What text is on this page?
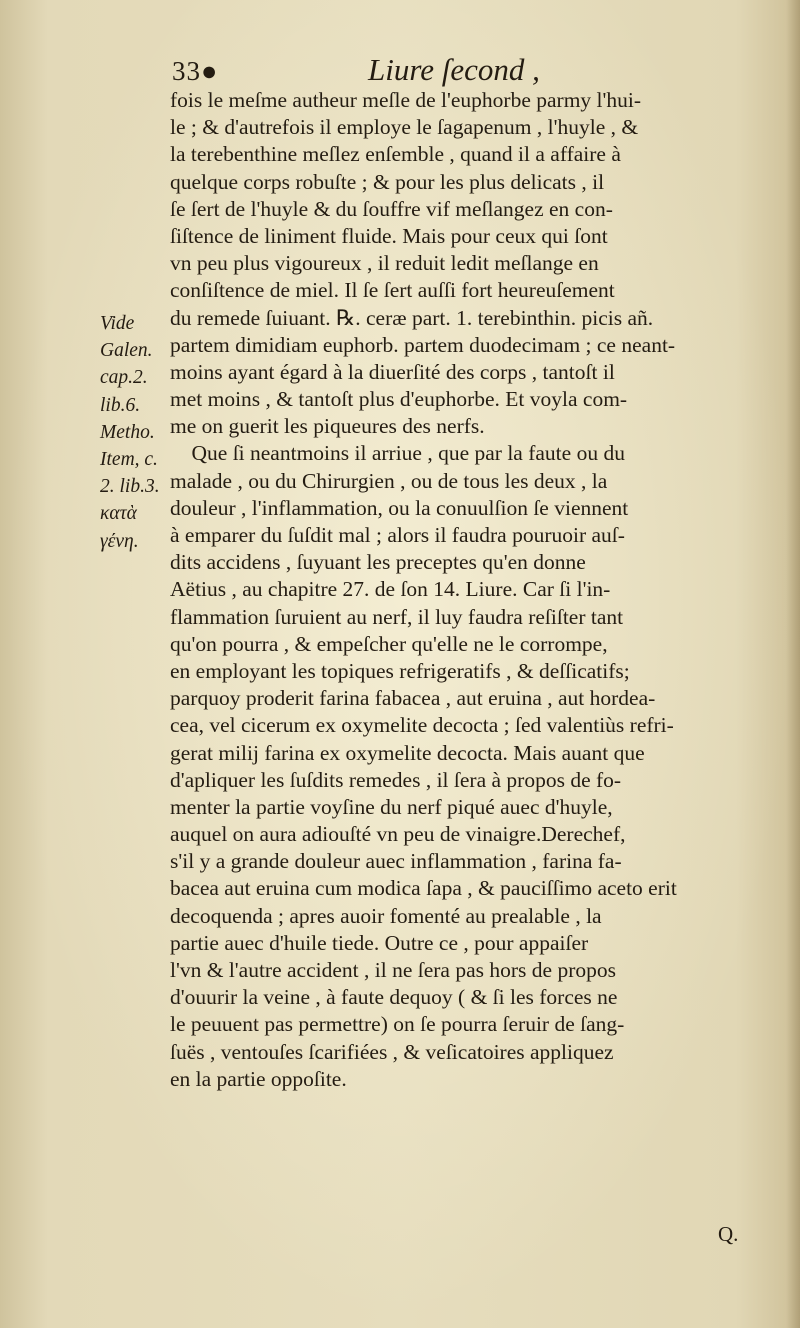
33●	Liure ſecond ,
Vide
Galen.
cap.2.
lib.6.
Metho.
Item, c.
2. lib.3.
κατὰ
γένη.
fois le meſme autheur meſle de l'euphorbe parmy l'hui-
le ; & d'autrefois il employe le ſagapenum , l'huyle , &
la terebenthine meſlez enſemble , quand il a affaire à
quelque corps robuſte ; & pour les plus delicats , il
ſe ſert de l'huyle & du ſouffre vif meſlangez en con-
ſiſtence de liniment fluide. Mais pour ceux qui ſont
vn peu plus vigoureux , il reduit ledit meſlange en
conſiſtence de miel. Il ſe ſert auſſi fort heureuſement
du remede ſuiuant. ℞. ceræ part. 1. terebinthin. picis añ.
partem dimidiam euphorb. partem duodecimam ; ce neant-
moins ayant égard à la diuerſité des corps , tantoſt il
met moins , & tantoſt plus d'euphorbe. Et voyla com-
me on guerit les piqueures des nerfs.
Que ſi neantmoins il arriue , que par la faute ou du
malade , ou du Chirurgien , ou de tous les deux , la
douleur , l'inflammation, ou la conuulſion ſe viennent
à emparer du ſuſdit mal ; alors il faudra pouruoir auſ-
dits accidens , ſuyuant les preceptes qu'en donne
Aëtius , au chapitre 27. de ſon 14. Liure. Car ſi l'in-
flammation ſuruient au nerf, il luy faudra reſiſter tant
qu'on pourra , & empeſcher qu'elle ne le corrompe,
en employant les topiques refrigeratifs , & deſſicatifs;
parquoy proderit farina fabacea , aut eruina , aut hordea-
cea, vel cicerum ex oxymelite decocta ; ſed valentiùs refri-
gerat milij farina ex oxymelite decocta. Mais auant que
d'apliquer les ſuſdits remedes , il ſera à propos de fo-
menter la partie voyſine du nerf piqué auec d'huyle,
auquel on aura adiouſté vn peu de vinaigre.Derechef,
s'il y a grande douleur auec inflammation , farina fa-
bacea aut eruina cum modica ſapa , & pauciſſimo aceto erit
decoquenda ; apres auoir fomenté au prealable , la
partie auec d'huile tiede. Outre ce , pour appaiſer
l'vn & l'autre accident , il ne ſera pas hors de propos
d'ouurir la veine , à faute dequoy ( & ſi les forces ne
le peuuent pas permettre) on ſe pourra ſeruir de ſang-
ſuës , ventouſes ſcarifiées , & veſicatoires appliquez
en la partie oppoſite.
Q.
